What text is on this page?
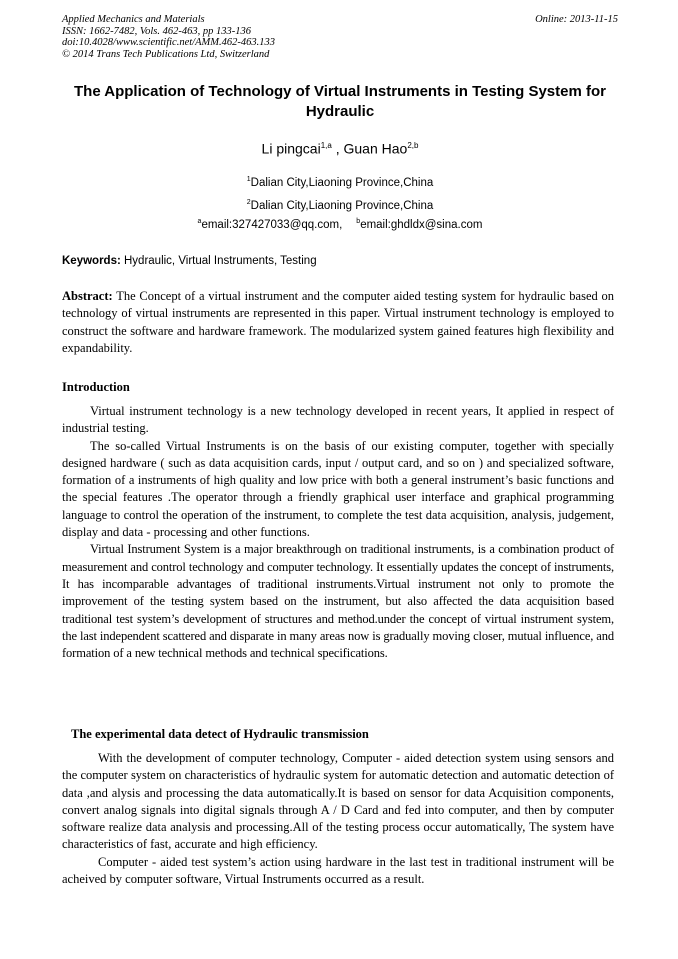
Applied Mechanics and Materials
ISSN: 1662-7482, Vols. 462-463, pp 133-136
doi:10.4028/www.scientific.net/AMM.462-463.133
© 2014 Trans Tech Publications Ltd, Switzerland
Online: 2013-11-15
The Application of Technology of Virtual Instruments in Testing System for Hydraulic
Li pingcai$^{1,a}$ , Guan Hao$^{2,b}$
$^1$Dalian City,Liaoning Province,China
$^2$Dalian City,Liaoning Province,China
$^a$email:327427033@qq.com, $^b$email:ghdldx@sina.com
Keywords: Hydraulic, Virtual Instruments, Testing

Abstract: The Concept of a virtual instrument and the computer aided testing system for hydraulic based on technology of virtual instruments are represented in this paper. Virtual instrument technology is employed to construct the software and hardware framework. The modularized system gained features high flexibility and expandability.

Introduction

Virtual instrument technology is a new technology developed in recent years, It applied in respect of industrial testing.

The so-called Virtual Instruments is on the basis of our existing computer, together with specially designed hardware ( such as data acquisition cards, input / output card, and so on ) and specialized software, formation of a instruments of high quality and low price with both a general instrument’s basic functions and the special features .The operator through a friendly graphical user interface and graphical programming language to control the operation of the instrument, to complete the test data acquisition, analysis, judgement, display and data - processing and other functions.

Virtual Instrument System is a major breakthrough on traditional instruments, is a combination product of measurement and control technology and computer technology. It essentially updates the concept of instruments, It has incomparable advantages of traditional instruments.Virtual instrument not only to promote the improvement of the testing system based on the instrument, but also affected the data acquisition based traditional test system’s development of structures and method.under the concept of virtual instrument system, the last independent scattered and disparate in many areas now is gradually moving closer, mutual influence, and formation of a new technical methods and technical specifications.

The experimental data detect of Hydraulic transmission

With the development of computer technology, Computer - aided detection system using sensors and the computer system on characteristics of hydraulic system for automatic detection and automatic detection of data ,and alysis and processing the data automatically.It is based on sensor for data Acquisition components, convert analog signals into digital signals through A / D Card and fed into computer, and then by computer software realize data analysis and processing.All of the testing process occur automatically, The system have characteristics of fast, accurate and high efficiency.

Computer - aided test system’s action using hardware in the last test in traditional instrument will be acheived by computer software, Virtual Instruments occurred as a result.
